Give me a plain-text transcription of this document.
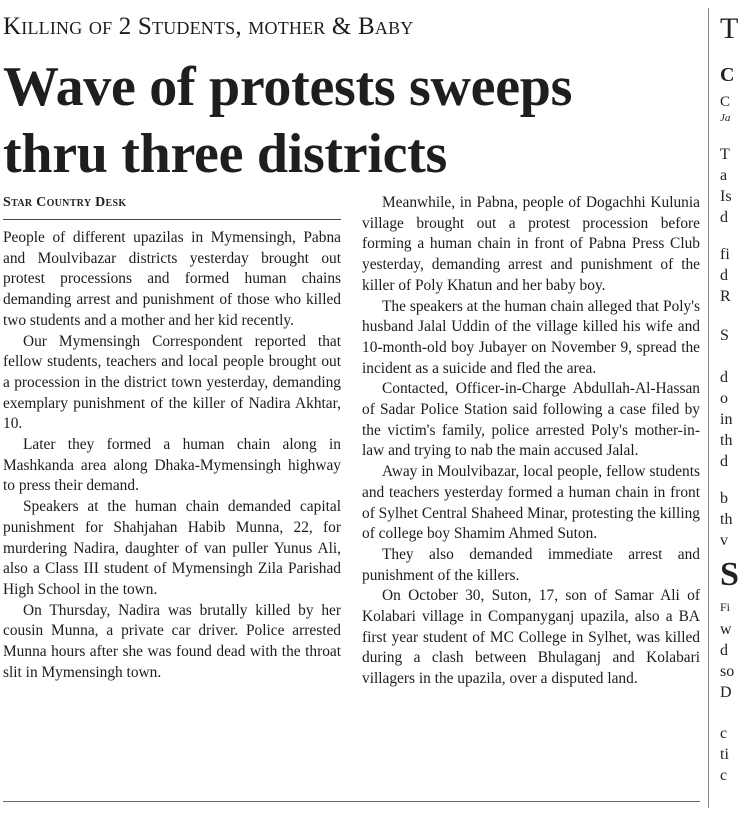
Killing of 2 Students, mother & Baby
Wave of protests sweeps
thru three districts
Star Country Desk

People of different upazilas in Mymensingh, Pabna and Moulvibazar districts yesterday brought out protest processions and formed human chains demanding arrest and punishment of those who killed two students and a mother and her kid recently.

Our Mymensingh Correspondent reported that fellow students, teachers and local people brought out a procession in the district town yesterday, demanding exemplary punishment of the killer of Nadira Akhtar, 10.

Later they formed a human chain along in Mashkanda area along Dhaka-Mymensingh highway to press their demand.

Speakers at the human chain demanded capital punishment for Shahjahan Habib Munna, 22, for murdering Nadira, daughter of van puller Yunus Ali, also a Class III student of Mymensingh Zila Parishad High School in the town.

On Thursday, Nadira was brutally killed by her cousin Munna, a private car driver. Police arrested Munna hours after she was found dead with the throat slit in Mymensingh town.

Meanwhile, in Pabna, people of Dogachhi Kulunia village brought out a protest procession before forming a human chain in front of Pabna Press Club yesterday, demanding arrest and punishment of the killer of Poly Khatun and her baby boy.

The speakers at the human chain alleged that Poly's husband Jalal Uddin of the village killed his wife and 10-month-old boy Jubayer on November 9, spread the incident as a suicide and fled the area.

Contacted, Officer-in-Charge Abdullah-Al-Hassan of Sadar Police Station said following a case filed by the victim's family, police arrested Poly's mother-in-law and trying to nab the main accused Jalal.

Away in Moulvibazar, local people, fellow students and teachers yesterday formed a human chain in front of Sylhet Central Shaheed Minar, protesting the killing of college boy Shamim Ahmed Suton.

They also demanded immediate arrest and punishment of the killers.

On October 30, Suton, 17, son of Samar Ali of Kolabari village in Companyganj upazila, also a BA first year student of MC College in Sylhet, was killed during a clash between Bhulaganj and Kolabari villagers in the upazila, over a disputed land.

T
C
C
Ja
T
a
Is
d
fi
d
R
S
d
o
in
th
d
b
th
v
S
Fi
w
d
so
D
c
ti
c
